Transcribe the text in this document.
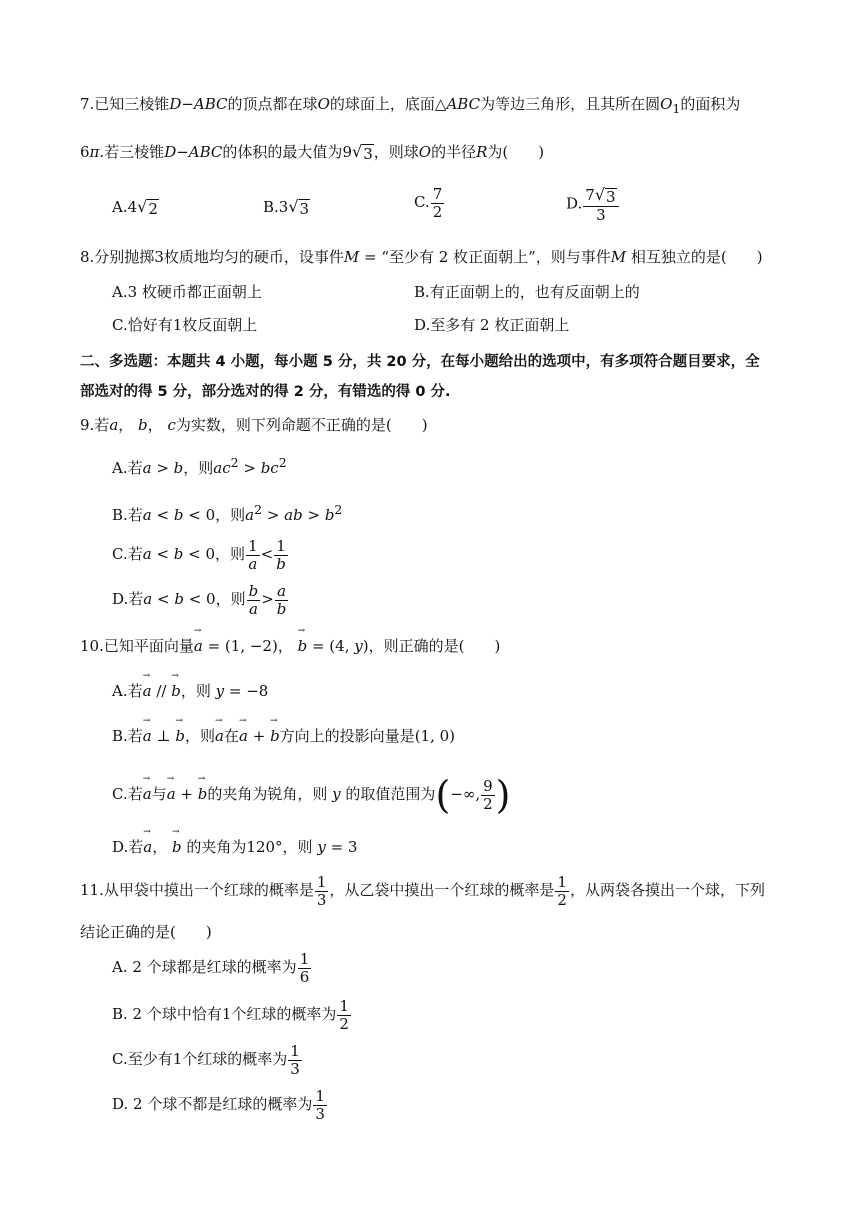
7.已知三棱锥D−ABC的顶点都在球O的球面上，底面△ABC为等边三角形，且其所在圆$O_1$的面积为
6π.若三棱锥D−ABC的体积的最大值为9 √ 3 ，则球O的半径R为(　　)
A.4 √ 2	B.3 √ 3	C. $\frac{7}{2}$	D. $\frac{7 √ 3}{3}$
8.分别抛掷3枚质地均匀的硬币，设事件M = “至少有 2 枚正面朝上”，则与事件M 相互独立的是(　　)
A.3 枚硬币都正面朝上	B.有正面朝上的，也有反面朝上的
C.恰好有1枚反面朝上	D.至多有 2 枚正面朝上
二、多选题：本题共 4 小题，每小题 5 分，共 20 分，在每小题给出的选项中，有多项符合题目要求，全
部选对的得 5 分，部分选对的得 2 分，有错选的得 0 分.
9.若a， b， c为实数，则下列命题不正确的是(　　)
A.若a > b，则$ac^2 > bc^2$
B.若a < b < 0，则$a^2$ > ab > $b^2$
C.若a < b < 0，则 $\frac{1}{a} < \frac{1}{b}$
D.若a < b < 0，则 $\frac{b}{a} > \frac{a}{b}$
10.已知平面向量→ a = (1, −2)， → b = (4, y)，则正确的是(　　)
A.若→ a // → b，则 y = −8
B.若→ a ⊥ → b，则→ a在→ a + → b方向上的投影向量是(1, 0)
C.若→ a与→ a + → b的夹角为锐角，则 y 的取值范围为(−∞, $\frac{9}{2}$ )
D.若→ a， → b 的夹角为120°，则 y = 3
11.从甲袋中摸出一个红球的概率是 $\frac{1}{3}$ ，从乙袋中摸出一个红球的概率是 $\frac{1}{2}$ ，从两袋各摸出一个球，下列
结论正确的是(　　)
A. 2 个球都是红球的概率为 $\frac{1}{6}$
B. 2 个球中恰有1个红球的概率为 $\frac{1}{2}$
C.至少有1个红球的概率为 $\frac{1}{3}$
D. 2 个球不都是红球的概率为 $\frac{1}{3}$
